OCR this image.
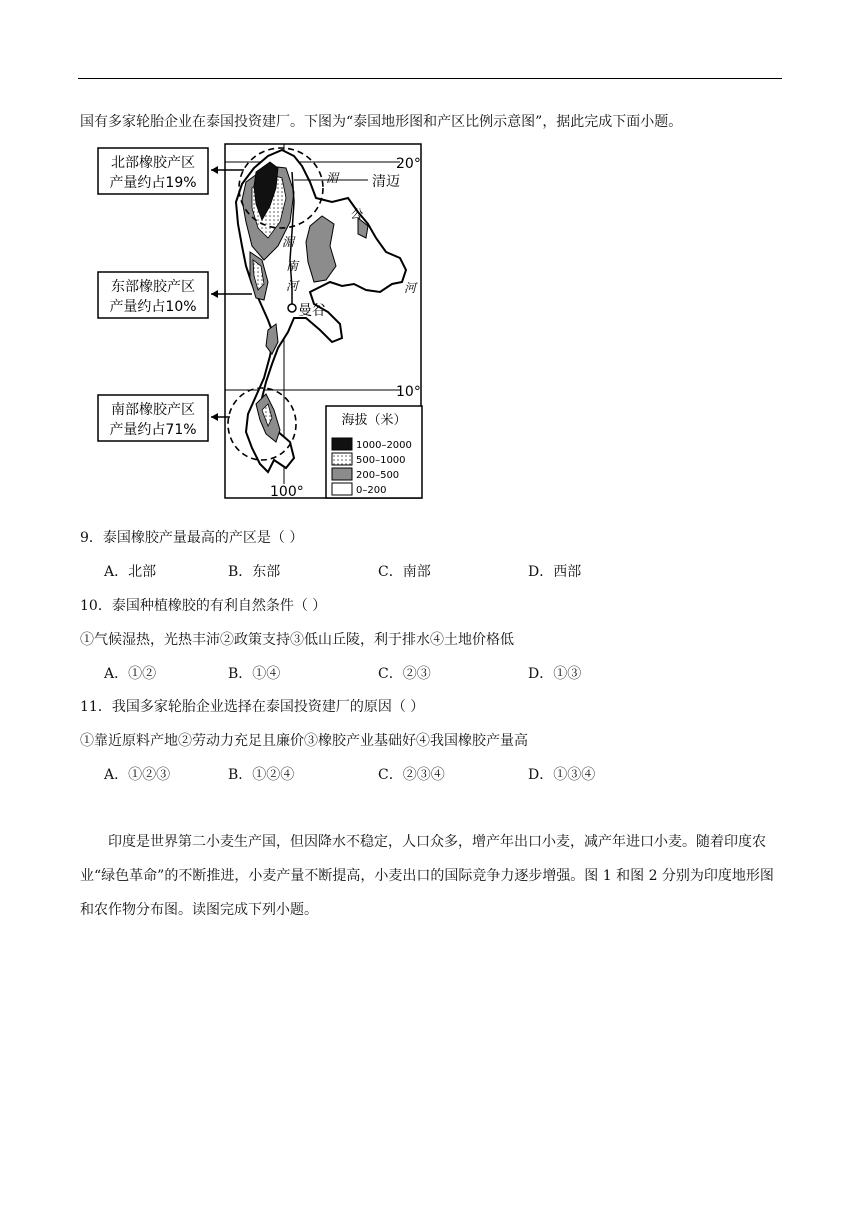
国有多家轮胎企业在泰国投资建厂。下图为“泰国地形图和产区比例示意图”，据此完成下面小题。
北部橡胶产区
产量约占19%
东部橡胶产区
产量约占10%
南部橡胶产区
产量约占71%
20°
10°
100°
清迈
曼谷
湄
公
河
湄
南
河
海拔（米）
1000–2000
500–1000
200–500
0–200
9．泰国橡胶产量最高的产区是（ ）
A．北部	B．东部	C．南部	D．西部
10．泰国种植橡胶的有利自然条件（ ）
①气候湿热，光热丰沛②政策支持③低山丘陵，利于排水④土地价格低
A．①②	B．①④	C．②③	D．①③
11．我国多家轮胎企业选择在泰国投资建厂的原因（ ）
①靠近原料产地②劳动力充足且廉价③橡胶产业基础好④我国橡胶产量高
A．①②③	B．①②④	C．②③④	D．①③④
印度是世界第二小麦生产国，但因降水不稳定，人口众多，增产年出口小麦，减产年进口小麦。随着印度农业“绿色革命”的不断推进，小麦产量不断提高，小麦出口的国际竞争力逐步增强。图 1 和图 2 分别为印度地形图和农作物分布图。读图完成下列小题。
